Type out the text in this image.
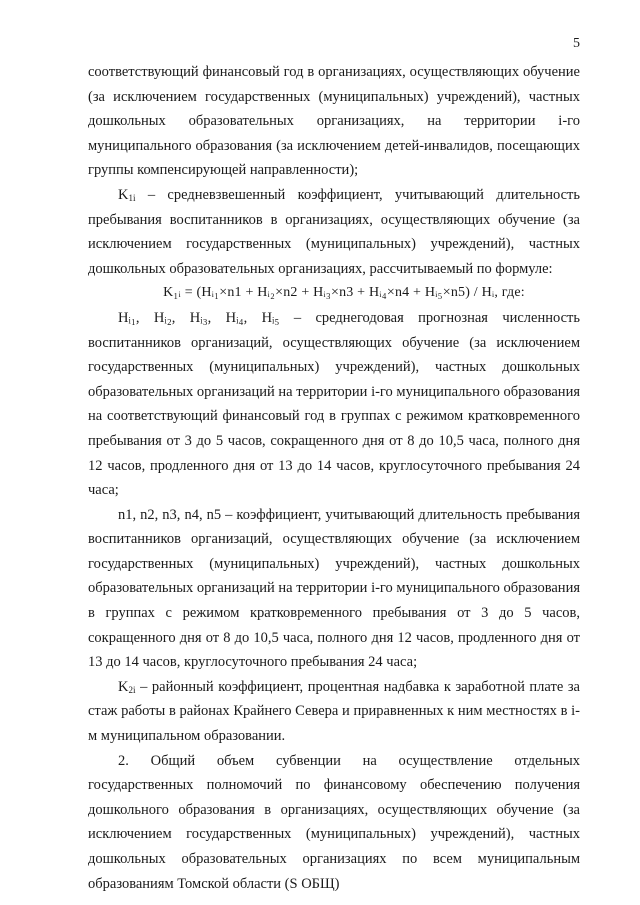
5

соответствующий финансовый год в организациях, осуществляющих обучение (за исключением государственных (муниципальных) учреждений), частных дошкольных образовательных организациях, на территории i-го муниципального образования (за исключением детей-инвалидов, посещающих группы компенсирующей направленности);

$K_{1i}$ – средневзвешенный коэффициент, учитывающий длительность пребывания воспитанников в организациях, осуществляющих обучение (за исключением государственных (муниципальных) учреждений), частных дошкольных образовательных организациях, рассчитываемый по формуле:

K₁ᵢ = (Hᵢ₁×n1 + Hᵢ₂×n2 + Hᵢ₃×n3 + Hᵢ₄×n4 + Hᵢ₅×n5) / Hᵢ, где:

Hᵢ₁, Hᵢ₂, Hᵢ₃, Hᵢ₄, Hᵢ₅ – среднегодовая прогнозная численность воспитанников организаций, осуществляющих обучение (за исключением государственных (муниципальных) учреждений), частных дошкольных образовательных организаций на территории i-го муниципального образования на соответствующий финансовый год в группах с режимом кратковременного пребывания от 3 до 5 часов, сокращенного дня от 8 до 10,5 часа, полного дня 12 часов, продленного дня от 13 до 14 часов, круглосуточного пребывания 24 часа;

n1, n2, n3, n4, n5 – коэффициент, учитывающий длительность пребывания воспитанников организаций, осуществляющих обучение (за исключением государственных (муниципальных) учреждений), частных дошкольных образовательных организаций на территории i-го муниципального образования в группах с режимом кратковременного пребывания от 3 до 5 часов, сокращенного дня от 8 до 10,5 часа, полного дня 12 часов, продленного дня от 13 до 14 часов, круглосуточного пребывания 24 часа;

$K_{2i}$ – районный коэффициент, процентная надбавка к заработной плате за стаж работы в районах Крайнего Севера и приравненных к ним местностях в i-м муниципальном образовании.

2. Общий объем субвенции на осуществление отдельных государственных полномочий по финансовому обеспечению получения дошкольного образования в организациях, осуществляющих обучение (за исключением государственных (муниципальных) учреждений), частных дошкольных образовательных организациях по всем муниципальным образованиям Томской области (S ОБЩ)
